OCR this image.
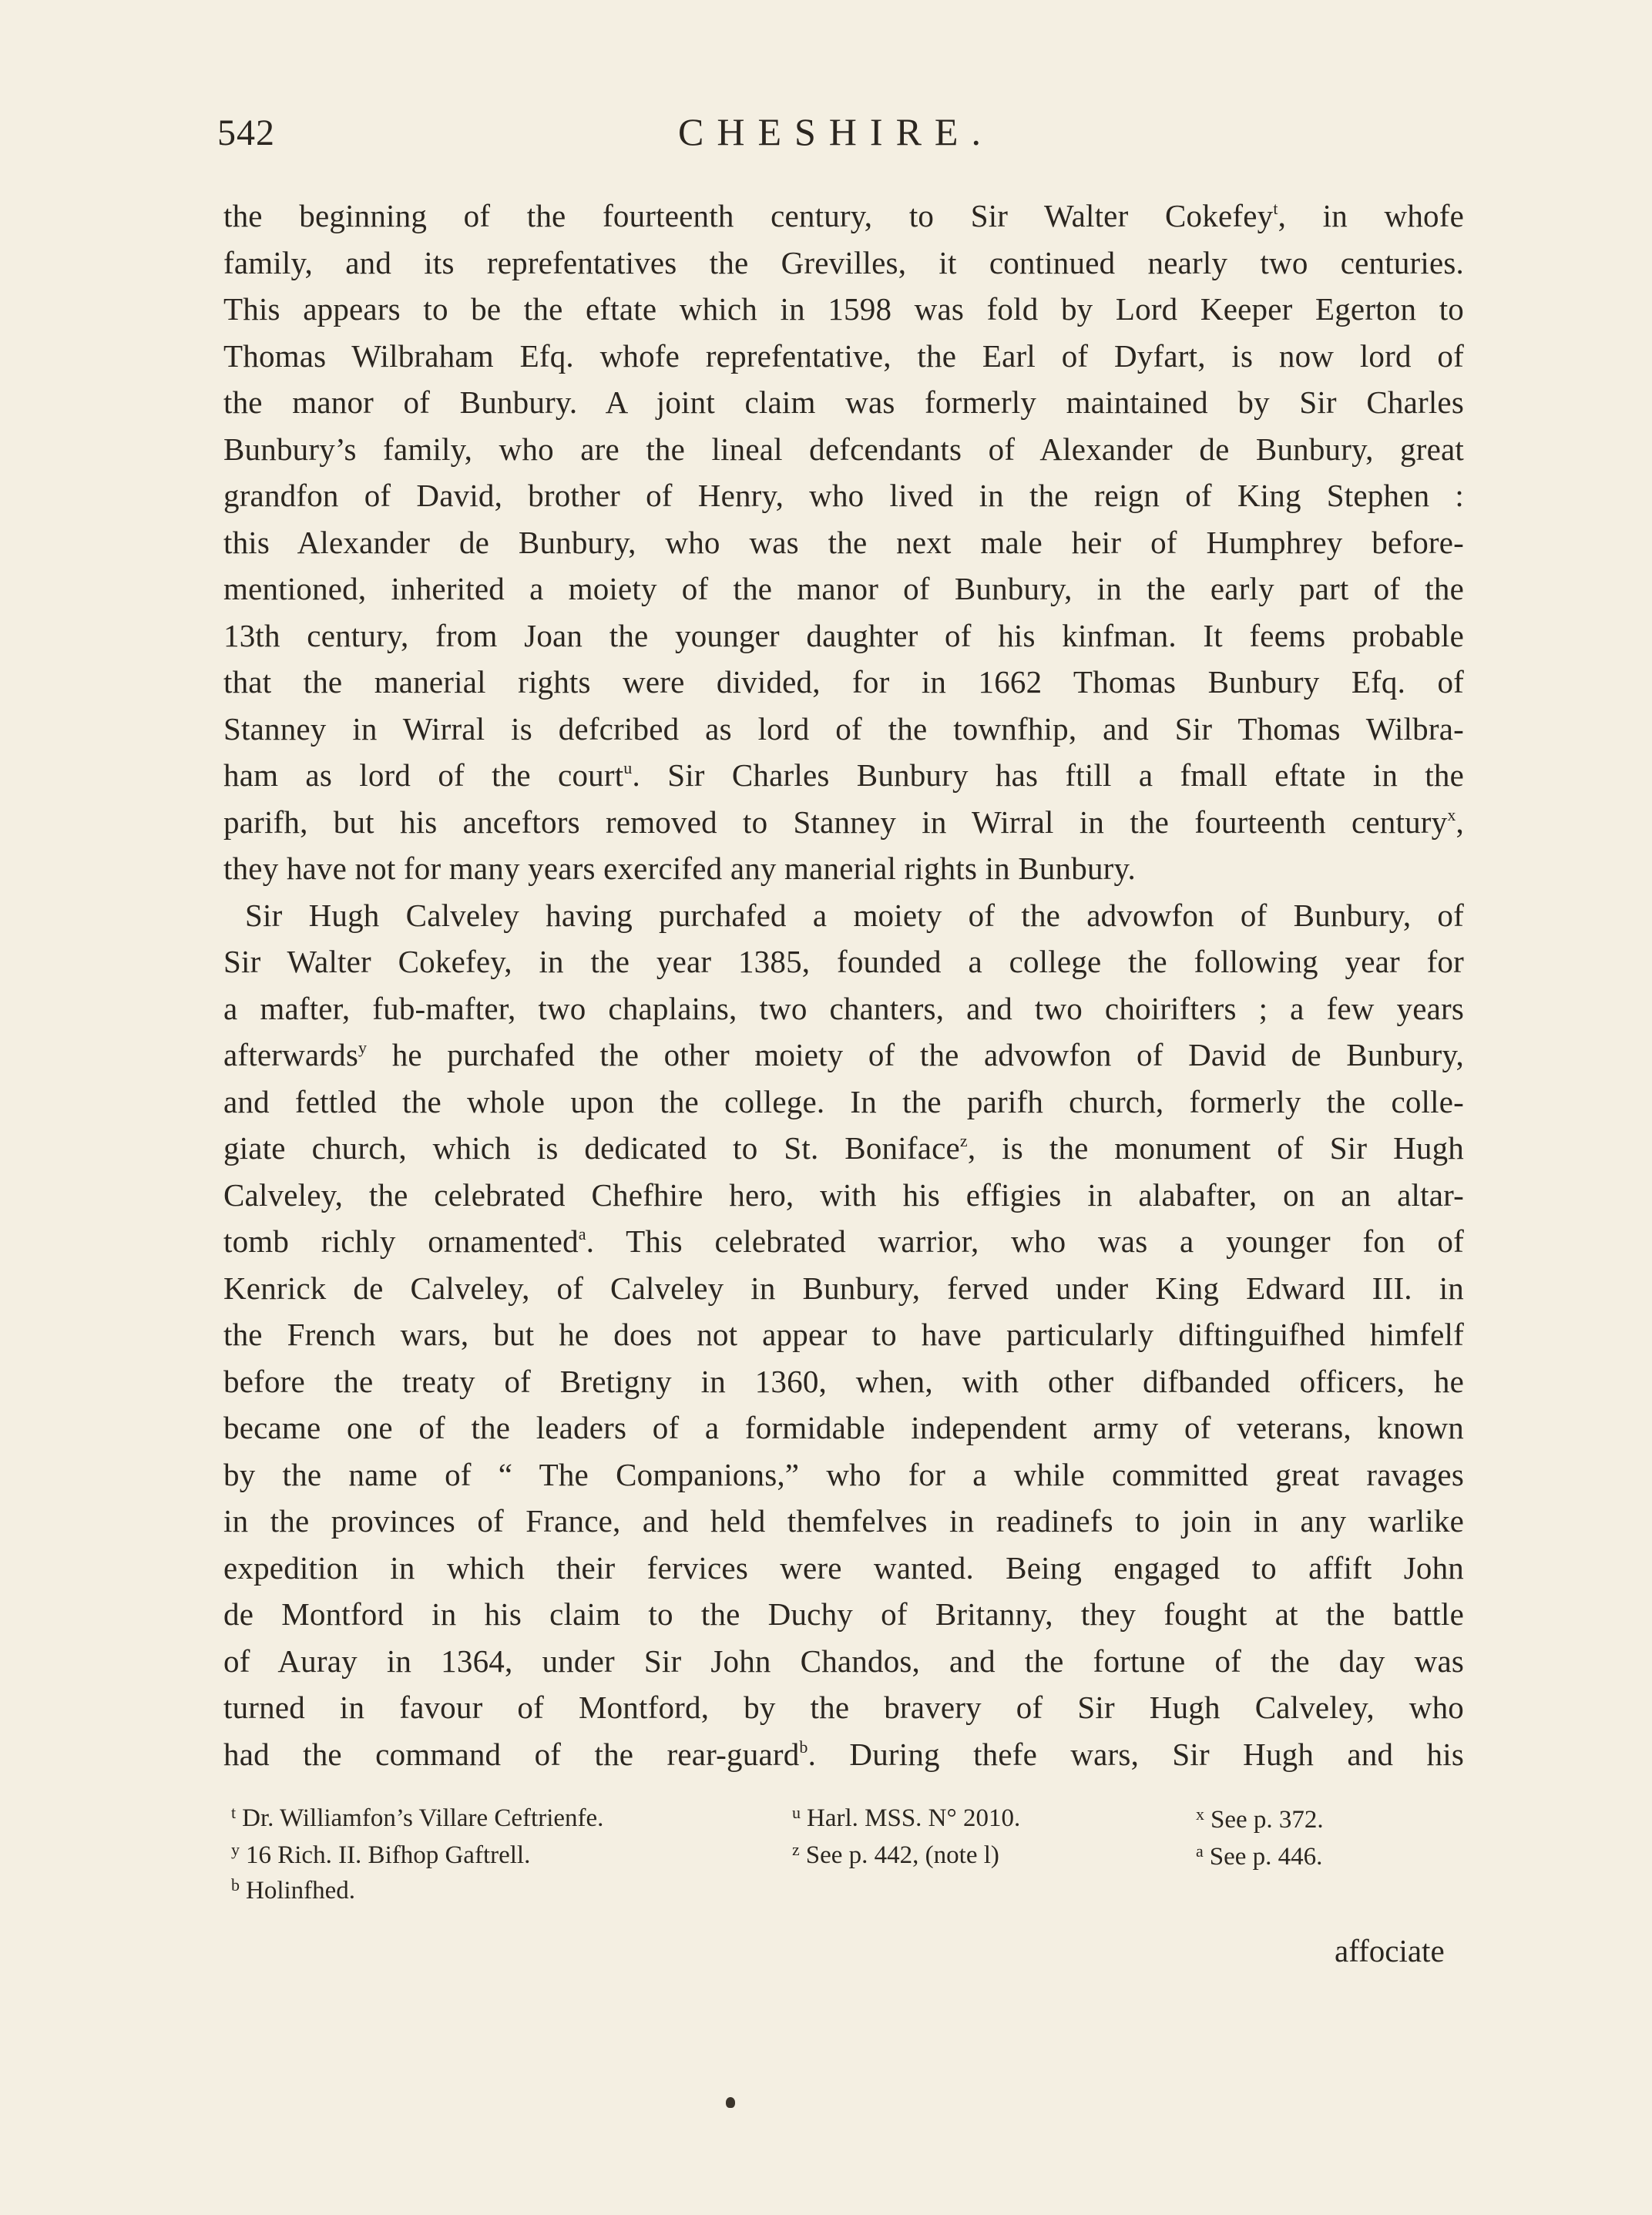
542	CHESHIRE.
the beginning of the fourteenth century, to Sir Walter Cokefey$^t$, in whofe
family, and its reprefentatives the Grevilles, it continued nearly two centuries.
This appears to be the eftate which in 1598 was fold by Lord Keeper Egerton to
Thomas Wilbraham Efq. whofe reprefentative, the Earl of Dyfart, is now lord of
the manor of Bunbury. A joint claim was formerly maintained by Sir Charles
Bunbury’s family, who are the lineal defcendants of Alexander de Bunbury, great
grandfon of David, brother of Henry, who lived in the reign of King Stephen :
this Alexander de Bunbury, who was the next male heir of Humphrey before-
mentioned, inherited a moiety of the manor of Bunbury, in the early part of the
13th century, from Joan the younger daughter of his kinfman. It feems probable
that the manerial rights were divided, for in 1662 Thomas Bunbury Efq. of
Stanney in Wirral is defcribed as lord of the townfhip, and Sir Thomas Wilbra-
ham as lord of the court$^u$. Sir Charles Bunbury has ftill a fmall eftate in the
parifh, but his anceftors removed to Stanney in Wirral in the fourteenth century$^x$,
they have not for many years exercifed any manerial rights in Bunbury.
Sir Hugh Calveley having purchafed a moiety of the advowfon of Bunbury, of
Sir Walter Cokefey, in the year 1385, founded a college the following year for
a mafter, fub-mafter, two chaplains, two chanters, and two choirifters ; a few years
afterwards$^y$ he purchafed the other moiety of the advowfon of David de Bunbury,
and fettled the whole upon the college. In the parifh church, formerly the colle-
giate church, which is dedicated to St. Boniface$^z$, is the monument of Sir Hugh
Calveley, the celebrated Chefhire hero, with his effigies in alabafter, on an altar-
tomb richly ornamented$^a$. This celebrated warrior, who was a younger fon of
Kenrick de Calveley, of Calveley in Bunbury, ferved under King Edward III. in
the French wars, but he does not appear to have particularly diftinguifhed himfelf
before the treaty of Bretigny in 1360, when, with other difbanded officers, he
became one of the leaders of a formidable independent army of veterans, known
by the name of “ The Companions,” who for a while committed great ravages
in the provinces of France, and held themfelves in readinefs to join in any warlike
expedition in which their fervices were wanted. Being engaged to affift John
de Montford in his claim to the Duchy of Britanny, they fought at the battle
of Auray in 1364, under Sir John Chandos, and the fortune of the day was
turned in favour of Montford, by the bravery of Sir Hugh Calveley, who
had the command of the rear-guard$^b$. During thefe wars, Sir Hugh and his
$^t$ Dr. Williamfon’s Villare Ceftrienfe.	$^u$ Harl. MSS. N° 2010.	$^x$ See p. 372.
$^y$ 16 Rich. II. Bifhop Gaftrell.	$^z$ See p. 442, (note l)	$^a$ See p. 446.
$^b$ Holinfhed.
affociate
